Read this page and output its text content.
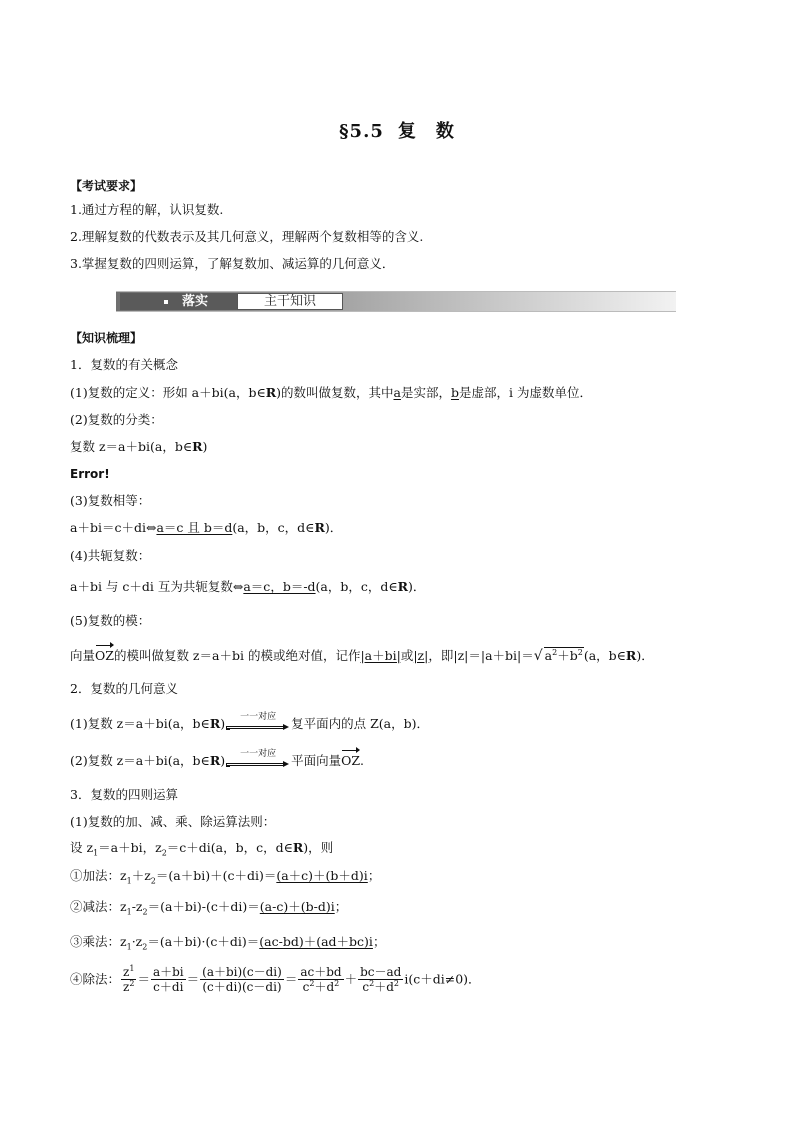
§5.5 复　数
【考试要求】
1.通过方程的解，认识复数.
2.理解复数的代数表示及其几何意义，理解两个复数相等的含义.
3.掌握复数的四则运算，了解复数加、减运算的几何意义．
落实	主干知识
【知识梳理】
1．复数的有关概念
(1)复数的定义：形如 a＋bi(a，b∈R)的数叫做复数，其中a是实部，b是虚部，i 为虚数单位．
(2)复数的分类：
复数 z＝a＋bi(a，b∈R)
Error!
(3)复数相等：
a＋bi＝c＋di⇔a＝c 且 b＝d(a，b，c，d∈R)．
(4)共轭复数：
a＋bi 与 c＋di 互为共轭复数⇔a＝c，b＝-d(a，b，c，d∈R)．
(5)复数的模：
向量OZ的模叫做复数 z＝a＋bi 的模或绝对值，记作|a＋bi|或|z|，即|z|＝|a＋bi|＝√ $a^2+b^2(a$，b∈R)．
2．复数的几何意义
(1)复数 z＝a＋bi(a，b∈R)	一一对应	复平面内的点 Z(a，b)．
(2)复数 z＝a＋bi(a，b∈R)	一一对应	平面向量OZ.
3．复数的四则运算
(1)复数的加、减、乘、除运算法则：
设 $z_1=a+bi$，$z_2=c+di(a$，b，c，d∈R)，则
①加法：$z_1+z_2=(a+bi)+(c+di)=(a+c)+(b+d)i$；
②减法：$z_1-z_2=(a+bi)-(c+di)=(a-c)+(b-d)i$；
③乘法：$z_1\cdot z_2=(a+bi)\cdot(c+di)=(ac-bd)+(ad+bc)i$；
④除法： $\frac{z^1}{z^2} = \frac{a+bi}{c+di} = \frac{(a+bi)(c-di)}{(c+di)(c-di)} = \frac{ac+bd}{c^2+d^2} + \frac{bc-ad}{c^2+d^2} i(c+di\ne 0)$．
